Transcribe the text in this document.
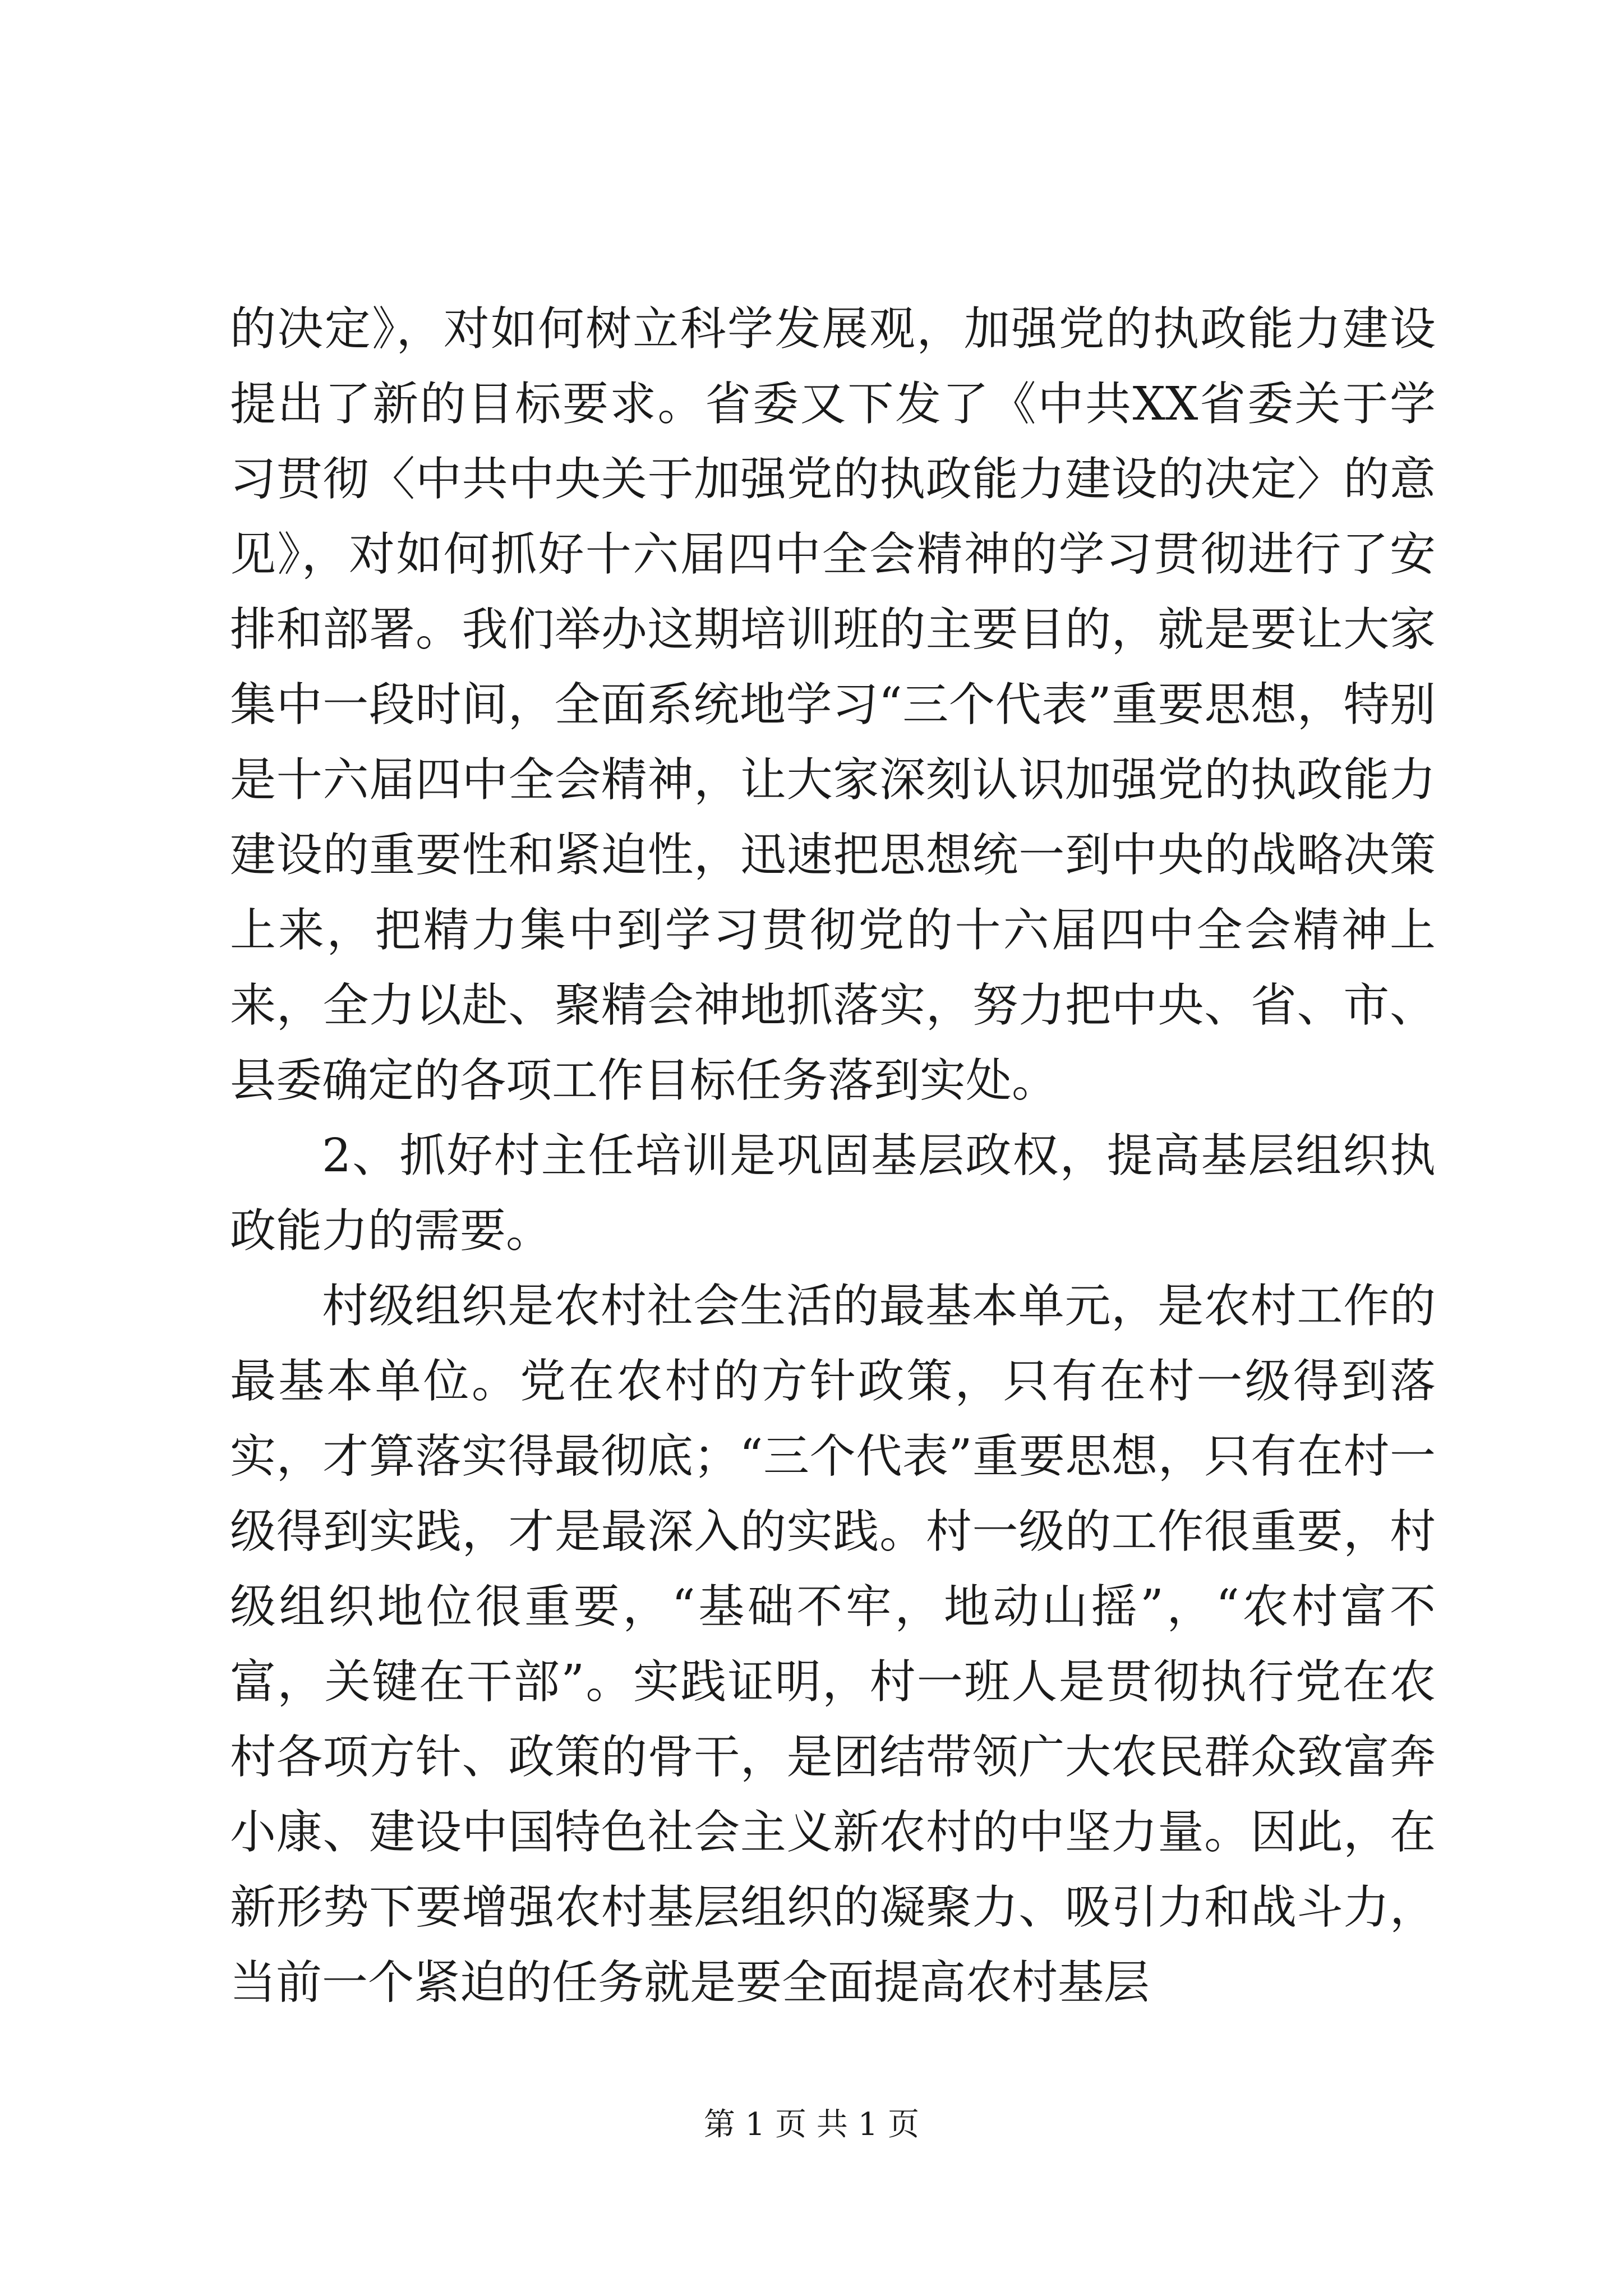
的决定》，对如何树立科学发展观，加强党的执政能力建设提出了新的目标要求。省委又下发了《中共XX省委关于学习贯彻〈中共中央关于加强党的执政能力建设的决定〉的意见》，对如何抓好十六届四中全会精神的学习贯彻进行了安排和部署。我们举办这期培训班的主要目的，就是要让大家集中一段时间，全面系统地学习“三个代表”重要思想，特别是十六届四中全会精神，让大家深刻认识加强党的执政能力建设的重要性和紧迫性，迅速把思想统一到中央的战略决策上来，把精力集中到学习贯彻党的十六届四中全会精神上来，全力以赴、聚精会神地抓落实，努力把中央、省、市、县委确定的各项工作目标任务落到实处。

2、抓好村主任培训是巩固基层政权，提高基层组织执政能力的需要。

村级组织是农村社会生活的最基本单元，是农村工作的最基本单位。党在农村的方针政策，只有在村一级得到落实，才算落实得最彻底；“三个代表”重要思想，只有在村一级得到实践，才是最深入的实践。村一级的工作很重要，村级组织地位很重要，“基础不牢，地动山摇”，“农村富不富，关键在干部”。实践证明，村一班人是贯彻执行党在农村各项方针、政策的骨干，是团结带领广大农民群众致富奔小康、建设中国特色社会主义新农村的中坚力量。因此，在新形势下要增强农村基层组织的凝聚力、吸引力和战斗力，当前一个紧迫的任务就是要全面提高农村基层

第 1 页 共 1 页
